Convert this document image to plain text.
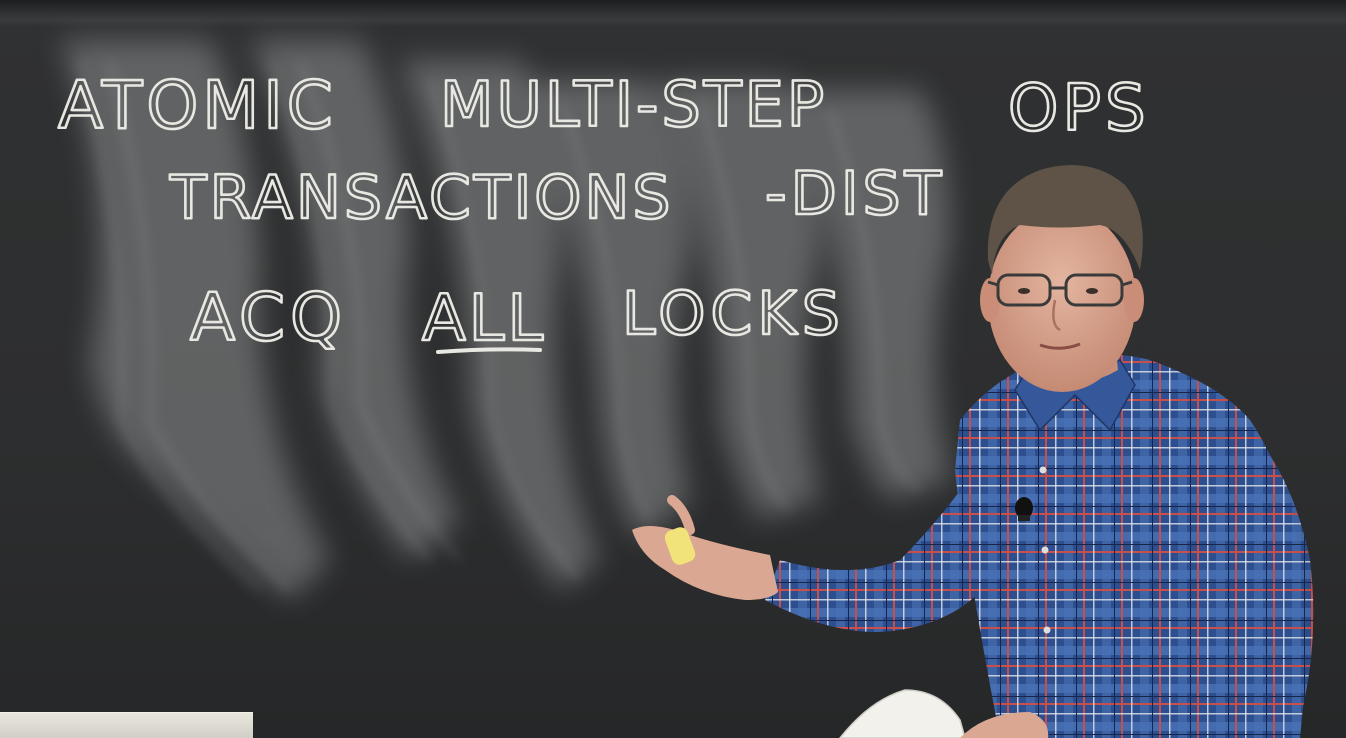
ATOMIC MULTI-STEP	OPS
TRANSACTIONS -DIST
ACQ ALL LOCKS
